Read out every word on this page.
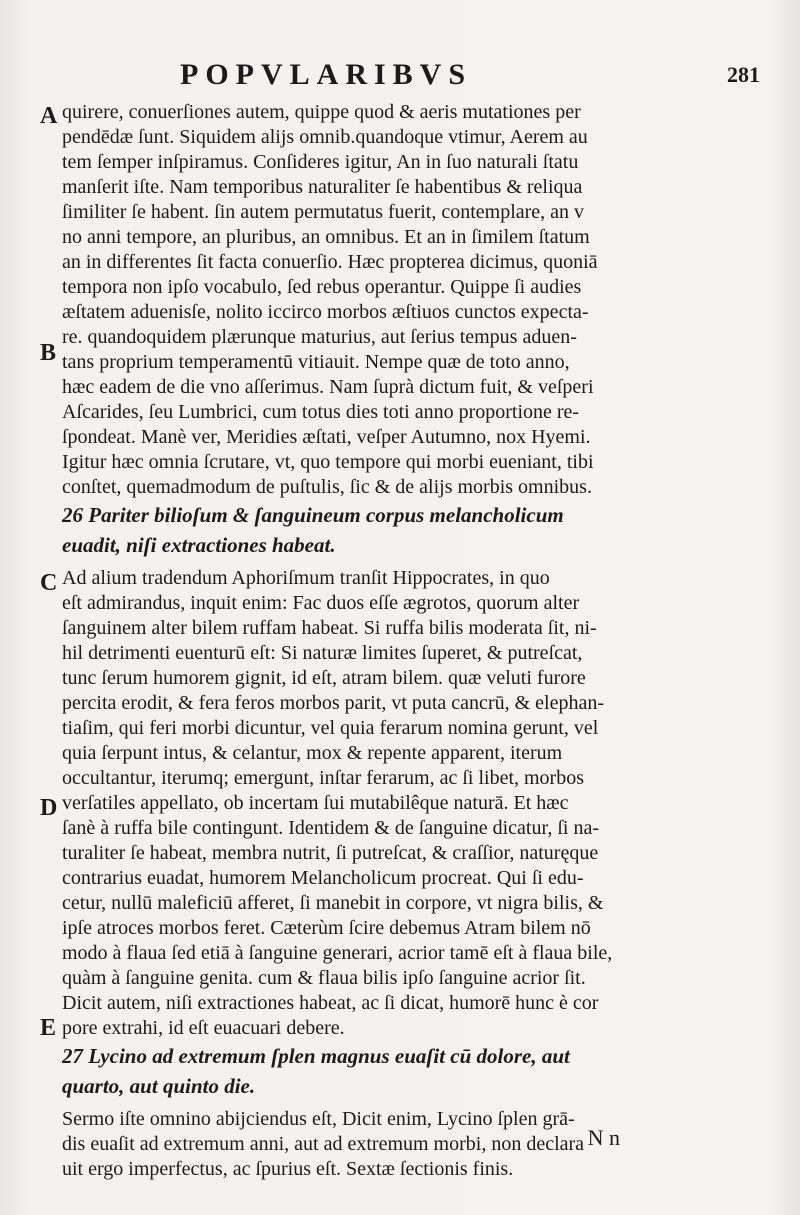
POPVLARIBVS	281
A
B
C
D
E
quirere, conuerſiones autem, quippe quod & aeris mutationes per
pendēdæ ſunt. Siquidem alijs omnib.quandoque vtimur, Aerem au
tem ſemper inſpiramus. Conſideres igitur, An in ſuo naturali ſtatu
manſerit iſte. Nam temporibus naturaliter ſe habentibus & reliqua
ſimiliter ſe habent. ſin autem permutatus fuerit, contemplare, an v
no anni tempore, an pluribus, an omnibus. Et an in ſimilem ſtatum
an in differentes ſit facta conuerſio. Hæc propterea dicimus, quoniā
tempora non ipſo vocabulo, ſed rebus operantur. Quippe ſi audies
æſtatem aduenisſe, nolito iccirco morbos æſtiuos cunctos expecta-
re. quandoquidem plærunque maturius, aut ſerius tempus aduen-
tans proprium temperamentū vitiauit. Nempe quæ de toto anno,
hæc eadem de die vno aſſerimus. Nam ſuprà dictum fuit, & veſperi
Aſcarides, ſeu Lumbrici, cum totus dies toti anno proportione re-
ſpondeat. Manè ver, Meridies æſtati, veſper Autumno, nox Hyemi.
Igitur hæc omnia ſcrutare, vt, quo tempore qui morbi eueniant, tibi
conſtet, quemadmodum de puſtulis, ſic & de alijs morbis omnibus.
26 Pariter bilioſum & ſanguineum corpus melancholicum
euadit, niſi extractiones habeat.
Ad alium tradendum Aphoriſmum tranſit Hippocrates, in quo
eſt admirandus, inquit enim: Fac duos eſſe ægrotos, quorum alter
ſanguinem alter bilem ruffam habeat. Si ruffa bilis moderata ſit, ni-
hil detrimenti euenturū eſt: Si naturæ limites ſuperet, & putreſcat,
tunc ſerum humorem gignit, id eſt, atram bilem. quæ veluti furore
percita erodit, & fera feros morbos parit, vt puta cancrū, & elephan-
tiaſim, qui feri morbi dicuntur, vel quia ferarum nomina gerunt, vel
quia ſerpunt intus, & celantur, mox & repente apparent, iterum
occultantur, iterumq; emergunt, inſtar ferarum, ac ſi libet, morbos
verſatiles appellato, ob incertam ſui mutabilêque naturā. Et hæc
ſanè à ruffa bile contingunt. Identidem & de ſanguine dicatur, ſi na-
turaliter ſe habeat, membra nutrit, ſi putreſcat, & craſſior, naturęque
contrarius euadat, humorem Melancholicum procreat. Qui ſi edu-
cetur, nullū maleficiū afferet, ſi manebit in corpore, vt nigra bilis, &
ipſe atroces morbos feret. Cæterùm ſcire debemus Atram bilem nō
modo à flaua ſed etiā à ſanguine generari, acrior tamē eſt à flaua bile,
quàm à ſanguine genita. cum & flaua bilis ipſo ſanguine acrior ſit.
Dicit autem, niſi extractiones habeat, ac ſi dicat, humorē hunc è cor
pore extrahi, id eſt euacuari debere.
27 Lycino ad extremum ſplen magnus euaſit cū dolore, aut
quarto, aut quinto die.
Sermo iſte omnino abijciendus eſt, Dicit enim, Lycino ſplen grā-
dis euaſit ad extremum anni, aut ad extremum morbi, non declara
uit ergo imperfectus, ac ſpurius eſt. Sextæ ſectionis finis.
N n
